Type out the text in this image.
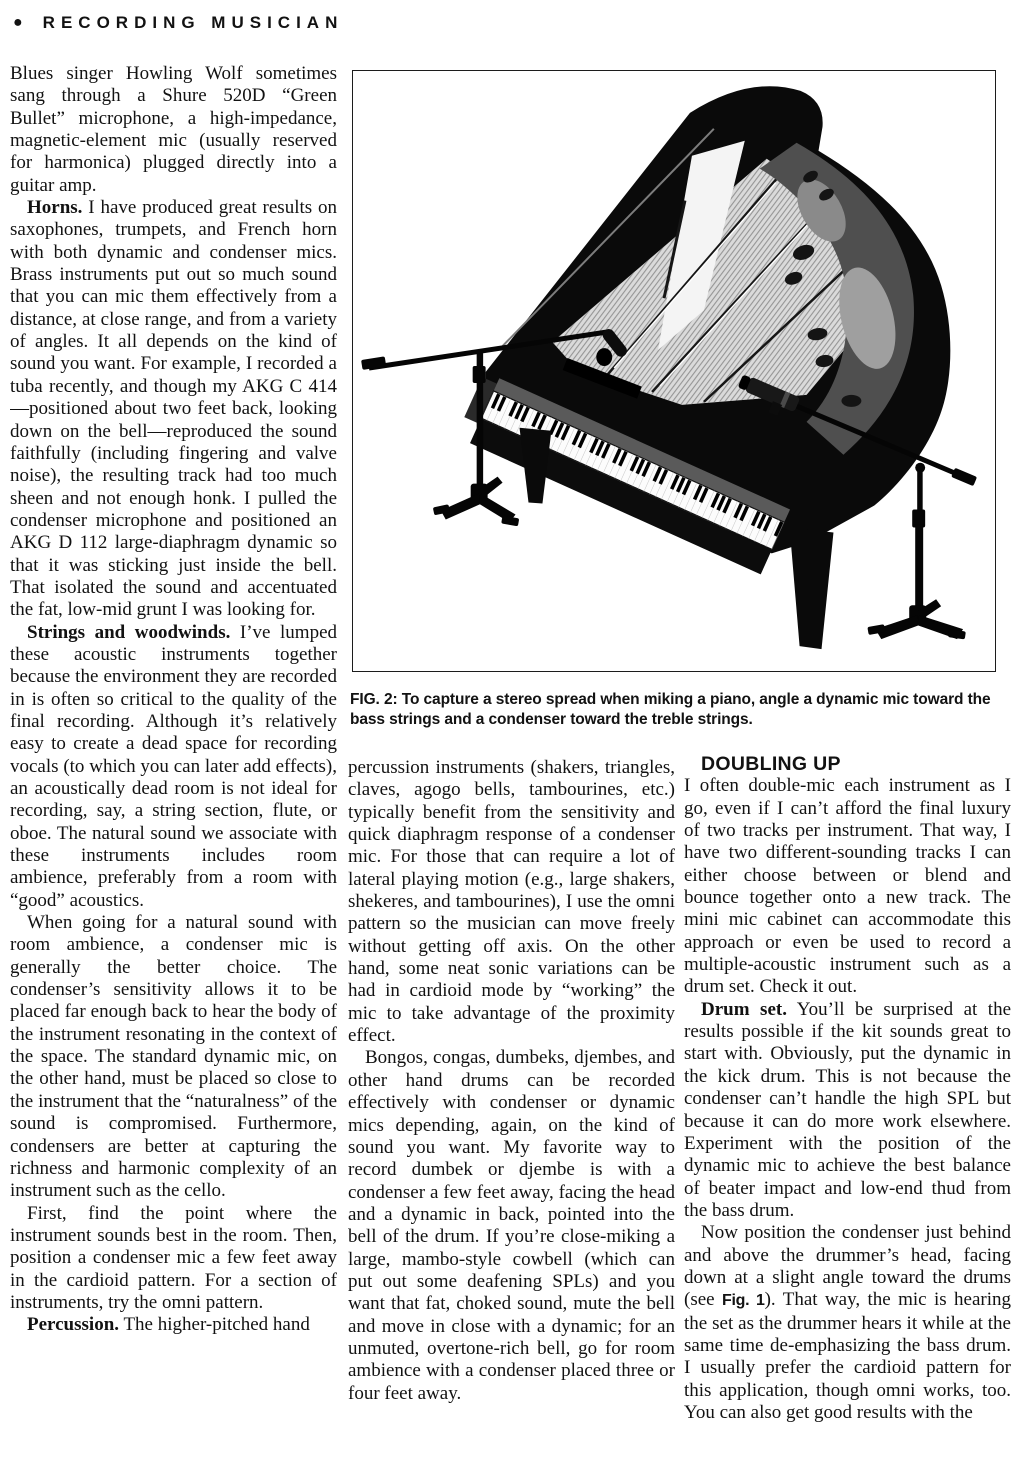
● RECORDING MUSICIAN

Blues singer Howling Wolf sometimes sang through a Shure 520D “Green Bullet” microphone, a high-impedance, magnetic-element mic (usually reserved for harmonica) plugged directly into a guitar amp.

Horns. I have produced great results on saxophones, trumpets, and French horn with both dynamic and condenser mics. Brass instruments put out so much sound that you can mic them effectively from a distance, at close range, and from a variety of angles. It all depends on the kind of sound you want. For example, I recorded a tuba recently, and though my AKG C 414—positioned about two feet back, looking down on the bell—reproduced the sound faithfully (including fingering and valve noise), the resulting track had too much sheen and not enough honk. I pulled the condenser microphone and positioned an AKG D 112 large-diaphragm dynamic so that it was sticking just inside the bell. That isolated the sound and accentuated the fat, low-mid grunt I was looking for.

Strings and woodwinds. I’ve lumped these acoustic instruments together because the environment they are recorded in is often so critical to the quality of the final recording. Although it’s relatively easy to create a dead space for recording vocals (to which you can later add effects), an acoustically dead room is not ideal for recording, say, a string section, flute, or oboe. The natural sound we associate with these instruments includes room ambience, preferably from a room with “good” acoustics.

When going for a natural sound with room ambience, a condenser mic is generally the better choice. The condenser’s sensitivity allows it to be placed far enough back to hear the body of the instrument resonating in the context of the space. The standard dynamic mic, on the other hand, must be placed so close to the instrument that the “naturalness” of the sound is compromised. Furthermore, condensers are better at capturing the richness and harmonic complexity of an instrument such as the cello.

First, find the point where the instrument sounds best in the room. Then, position a condenser mic a few feet away in the cardioid pattern. For a section of instruments, try the omni pattern.

Percussion. The higher-pitched hand

FIG. 2: To capture a stereo spread when miking a piano, angle a dynamic mic toward the bass strings and a condenser toward the treble strings.

percussion instruments (shakers, triangles, claves, agogo bells, tambourines, etc.) typically benefit from the sensitivity and quick diaphragm response of a condenser mic. For those that can require a lot of lateral playing motion (e.g., large shakers, shekeres, and tambourines), I use the omni pattern so the musician can move freely without getting off axis. On the other hand, some neat sonic variations can be had in cardioid mode by “working” the mic to take advantage of the proximity effect.

Bongos, congas, dumbeks, djembes, and other hand drums can be recorded effectively with condenser or dynamic mics depending, again, on the kind of sound you want. My favorite way to record dumbek or djembe is with a condenser a few feet away, facing the head and a dynamic in back, pointed into the bell of the drum. If you’re close-miking a large, mambo-style cowbell (which can put out some deafening SPLs) and you want that fat, choked sound, mute the bell and move in close with a dynamic; for an unmuted, overtone-rich bell, go for room ambience with a condenser placed three or four feet away.

DOUBLING UP

I often double-mic each instrument as I go, even if I can’t afford the final luxury of two tracks per instrument. That way, I have two different-sounding tracks I can either choose between or blend and bounce together onto a new track. The mini mic cabinet can accommodate this approach or even be used to record a multiple-acoustic instrument such as a drum set. Check it out.

Drum set. You’ll be surprised at the results possible if the kit sounds great to start with. Obviously, put the dynamic in the kick drum. This is not because the condenser can’t handle the high SPL but because it can do more work elsewhere. Experiment with the position of the dynamic mic to achieve the best balance of beater impact and low-end thud from the bass drum.

Now position the condenser just behind and above the drummer’s head, facing down at a slight angle toward the drums (see Fig. 1). That way, the mic is hearing the set as the drummer hears it while at the same time de-emphasizing the bass drum. I usually prefer the cardioid pattern for this application, though omni works, too. You can also get good results with the
